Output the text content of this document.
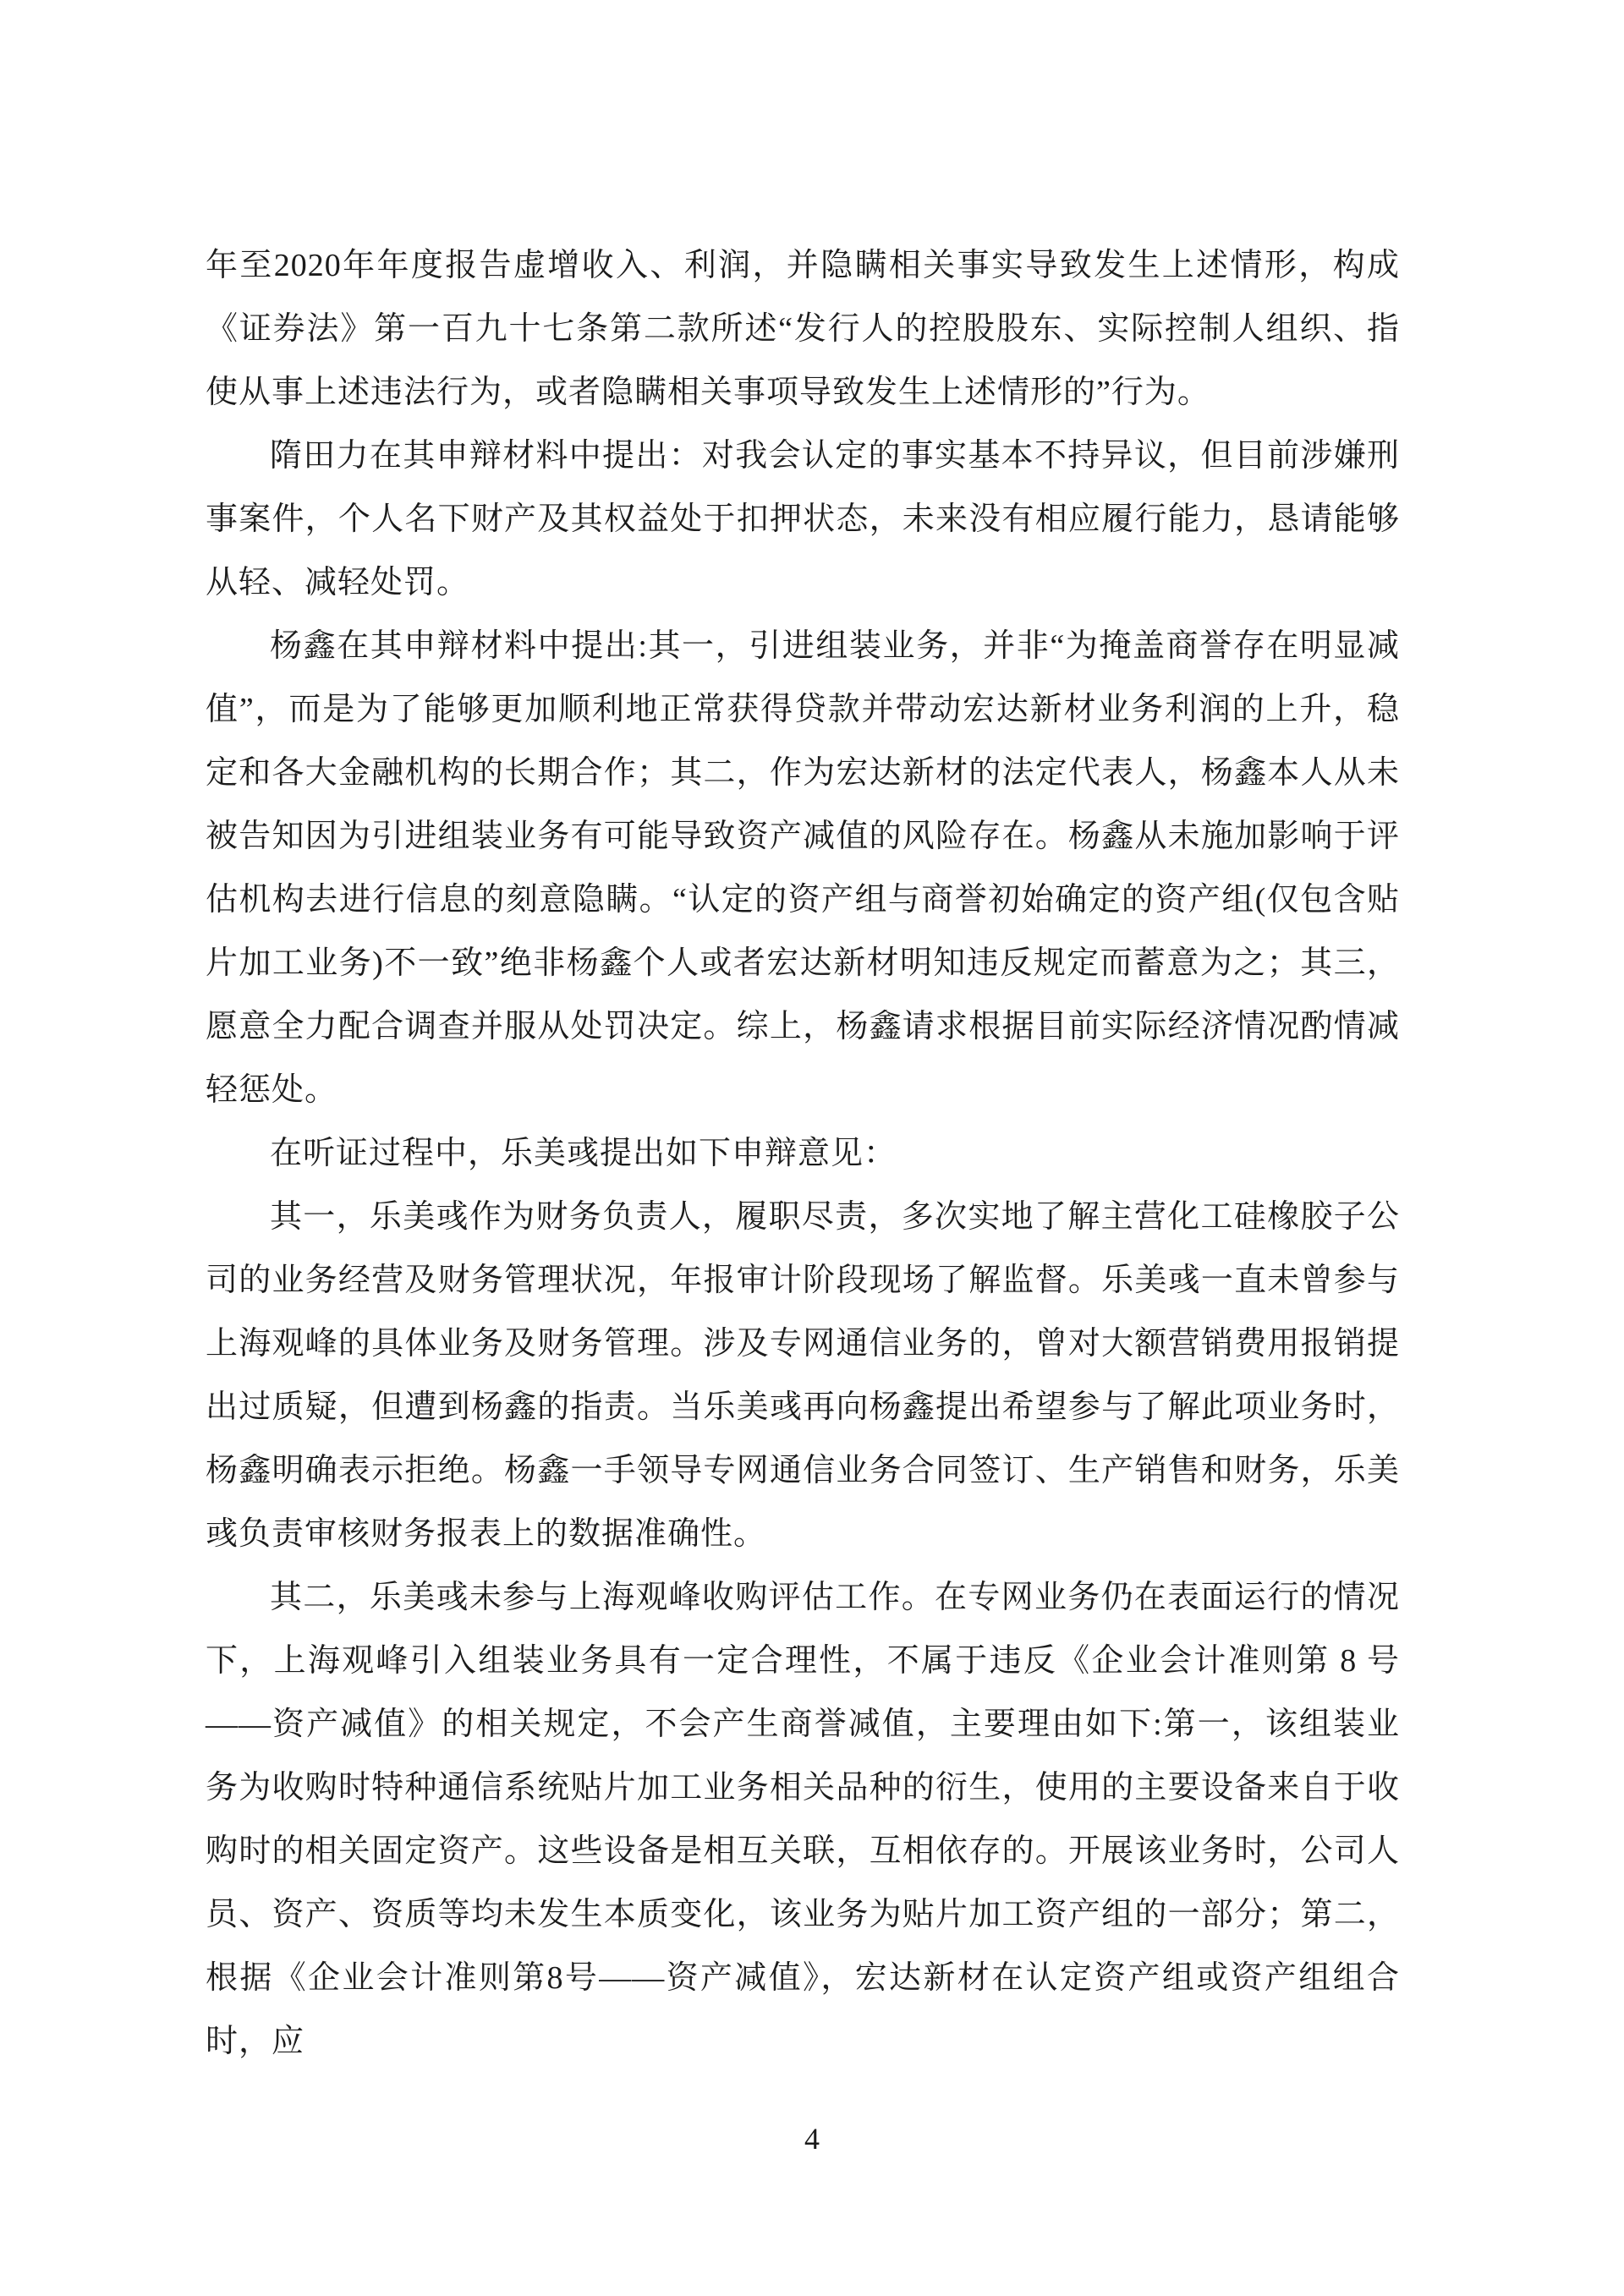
年至2020年年度报告虚增收入、利润，并隐瞒相关事实导致发生上述情形，构成《证券法》第一百九十七条第二款所述“发行人的控股股东、实际控制人组织、指使从事上述违法行为，或者隐瞒相关事项导致发生上述情形的”行为。

隋田力在其申辩材料中提出：对我会认定的事实基本不持异议，但目前涉嫌刑事案件，个人名下财产及其权益处于扣押状态，未来没有相应履行能力，恳请能够从轻、减轻处罚。

杨鑫在其申辩材料中提出:其一，引进组装业务，并非“为掩盖商誉存在明显减值”，而是为了能够更加顺利地正常获得贷款并带动宏达新材业务利润的上升，稳定和各大金融机构的长期合作；其二，作为宏达新材的法定代表人，杨鑫本人从未被告知因为引进组装业务有可能导致资产减值的风险存在。杨鑫从未施加影响于评估机构去进行信息的刻意隐瞒。“认定的资产组与商誉初始确定的资产组(仅包含贴片加工业务)不一致”绝非杨鑫个人或者宏达新材明知违反规定而蓄意为之；其三，愿意全力配合调查并服从处罚决定。综上，杨鑫请求根据目前实际经济情况酌情减轻惩处。

在听证过程中，乐美彧提出如下申辩意见：

其一，乐美彧作为财务负责人，履职尽责，多次实地了解主营化工硅橡胶子公司的业务经营及财务管理状况，年报审计阶段现场了解监督。乐美彧一直未曾参与上海观峰的具体业务及财务管理。涉及专网通信业务的，曾对大额营销费用报销提出过质疑，但遭到杨鑫的指责。当乐美彧再向杨鑫提出希望参与了解此项业务时，杨鑫明确表示拒绝。杨鑫一手领导专网通信业务合同签订、生产销售和财务，乐美彧负责审核财务报表上的数据准确性。

其二，乐美彧未参与上海观峰收购评估工作。在专网业务仍在表面运行的情况下，上海观峰引入组装业务具有一定合理性，不属于违反《企业会计准则第 8 号——资产减值》的相关规定，不会产生商誉减值，主要理由如下:第一，该组装业务为收购时特种通信系统贴片加工业务相关品种的衍生，使用的主要设备来自于收购时的相关固定资产。这些设备是相互关联，互相依存的。开展该业务时，公司人员、资产、资质等均未发生本质变化，该业务为贴片加工资产组的一部分；第二，根据《企业会计准则第8号——资产减值》，宏达新材在认定资产组或资产组组合时，应

4
